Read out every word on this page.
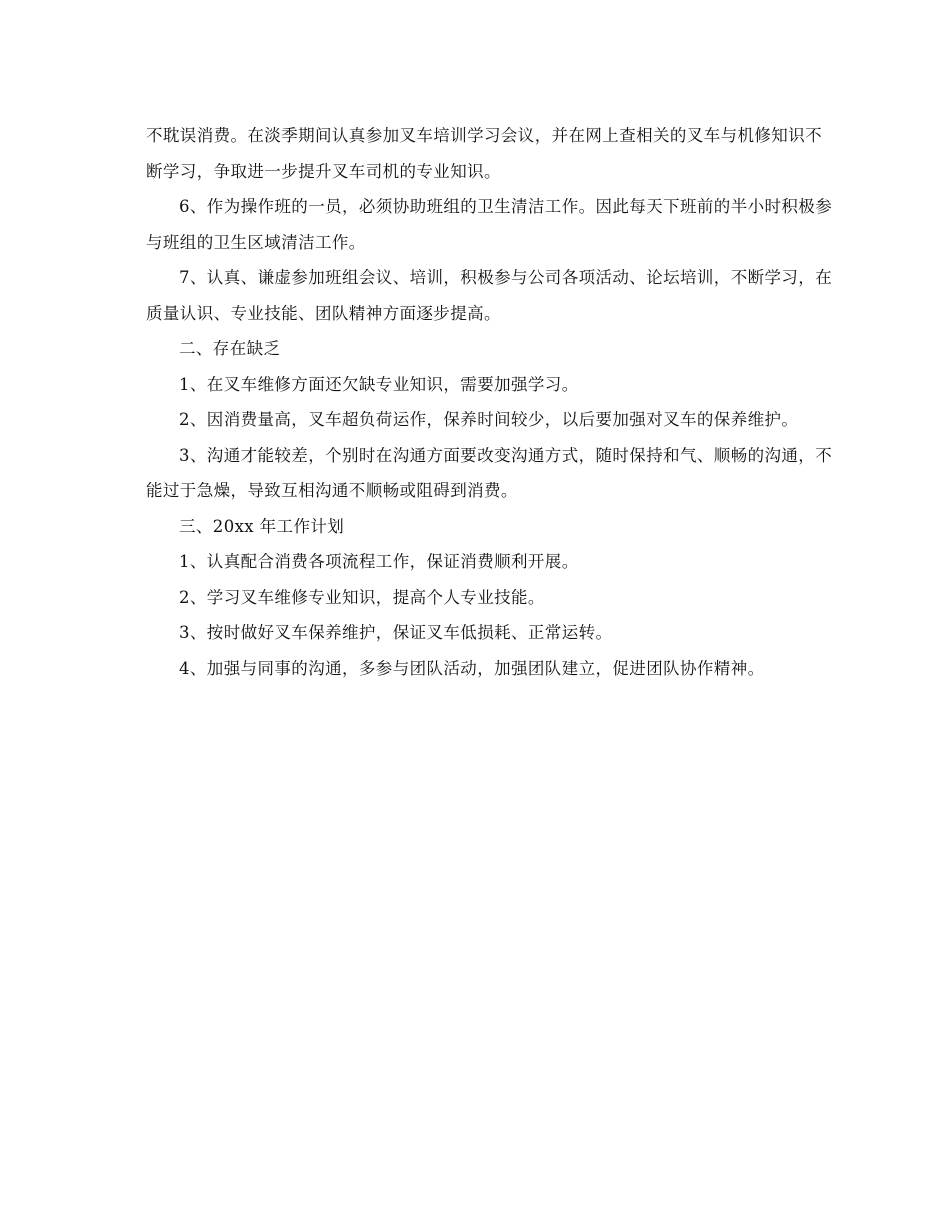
不耽误消费。在淡季期间认真参加叉车培训学习会议，并在网上查相关的叉车与机修知识不断学习，争取进一步提升叉车司机的专业知识。

6、作为操作班的一员，必须协助班组的卫生清洁工作。因此每天下班前的半小时积极参与班组的卫生区域清洁工作。

7、认真、谦虚参加班组会议、培训，积极参与公司各项活动、论坛培训，不断学习，在质量认识、专业技能、团队精神方面逐步提高。

二、存在缺乏

1、在叉车维修方面还欠缺专业知识，需要加强学习。

2、因消费量高，叉车超负荷运作，保养时间较少，以后要加强对叉车的保养维护。

3、沟通才能较差，个别时在沟通方面要改变沟通方式，随时保持和气、顺畅的沟通，不能过于急燥，导致互相沟通不顺畅或阻碍到消费。

三、20xx 年工作计划

1、认真配合消费各项流程工作，保证消费顺利开展。

2、学习叉车维修专业知识，提高个人专业技能。

3、按时做好叉车保养维护，保证叉车低损耗、正常运转。

4、加强与同事的沟通，多参与团队活动，加强团队建立，促进团队协作精神。
